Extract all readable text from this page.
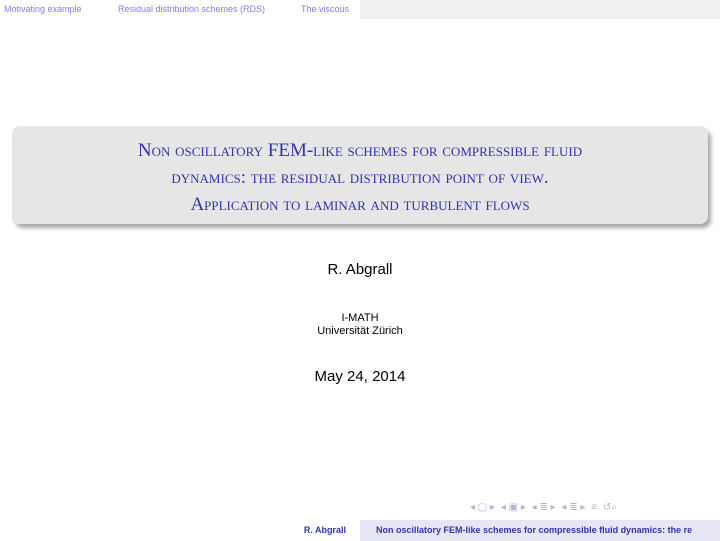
Motivating example	Residual distribution schemes (RDS)	The viscous
Non oscillatory FEM-like schemes for compressible fluid
dynamics: the residual distribution point of view.
Application to laminar and turbulent flows
R. Abgrall
I-MATH
Universität Zürich
May 24, 2014
◂ ▢ ▸ ◂ ▣ ▸ ◂ ≣ ▸ ◂ ≣ ▸ ≡ ↺⌕
R. Abgrall	Non oscillatory FEM-like schemes for compressible fluid dynamics: the re
